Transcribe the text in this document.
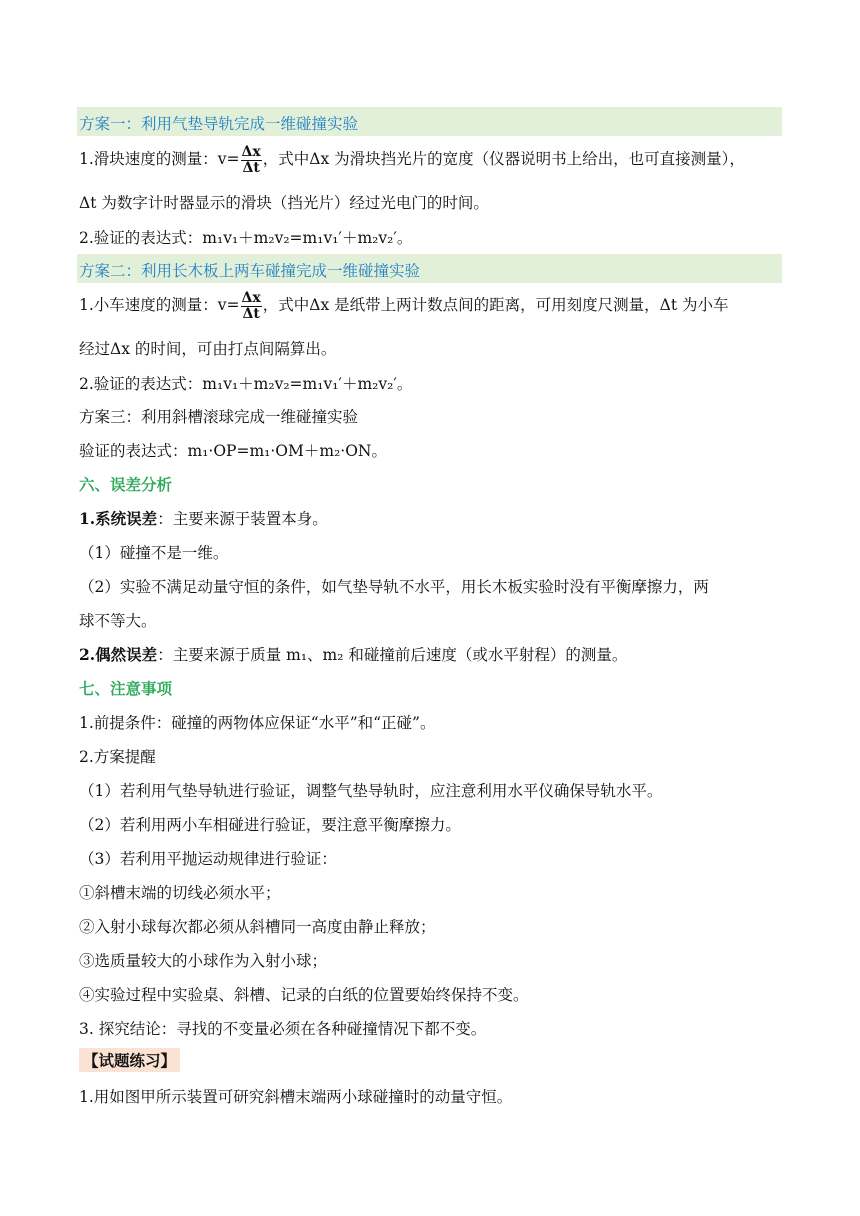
方案一：利用气垫导轨完成一维碰撞实验
1.滑块速度的测量：$v= \frac{\Delta x}{\Delta t}$ ，式中Δx 为滑块挡光片的宽度（仪器说明书上给出，也可直接测量），
Δt 为数字计时器显示的滑块（挡光片）经过光电门的时间。
2.验证的表达式：m₁v₁＋m₂v₂=m₁v₁′＋m₂v₂′。
方案二：利用长木板上两车碰撞完成一维碰撞实验
1.小车速度的测量：$v= \frac{\Delta x}{\Delta t}$ ，式中Δx 是纸带上两计数点间的距离，可用刻度尺测量，Δt 为小车
经过Δx 的时间，可由打点间隔算出。
2.验证的表达式：m₁v₁＋m₂v₂=m₁v₁′＋m₂v₂′。
方案三：利用斜槽滚球完成一维碰撞实验
验证的表达式：m₁·OP=m₁·OM＋m₂·ON。
六、误差分析
1.系统误差：主要来源于装置本身。
（1）碰撞不是一维。
（2）实验不满足动量守恒的条件，如气垫导轨不水平，用长木板实验时没有平衡摩擦力，两
球不等大。
2.偶然误差：主要来源于质量 m₁、m₂ 和碰撞前后速度（或水平射程）的测量。
七、注意事项
1.前提条件：碰撞的两物体应保证“水平”和“正碰”。
2.方案提醒
（1）若利用气垫导轨进行验证，调整气垫导轨时，应注意利用水平仪确保导轨水平。
（2）若利用两小车相碰进行验证，要注意平衡摩擦力。
（3）若利用平抛运动规律进行验证：
①斜槽末端的切线必须水平；
②入射小球每次都必须从斜槽同一高度由静止释放；
③选质量较大的小球作为入射小球；
④实验过程中实验桌、斜槽、记录的白纸的位置要始终保持不变。
3. 探究结论：寻找的不变量必须在各种碰撞情况下都不变。
【试题练习】
1.用如图甲所示装置可研究斜槽末端两小球碰撞时的动量守恒。
